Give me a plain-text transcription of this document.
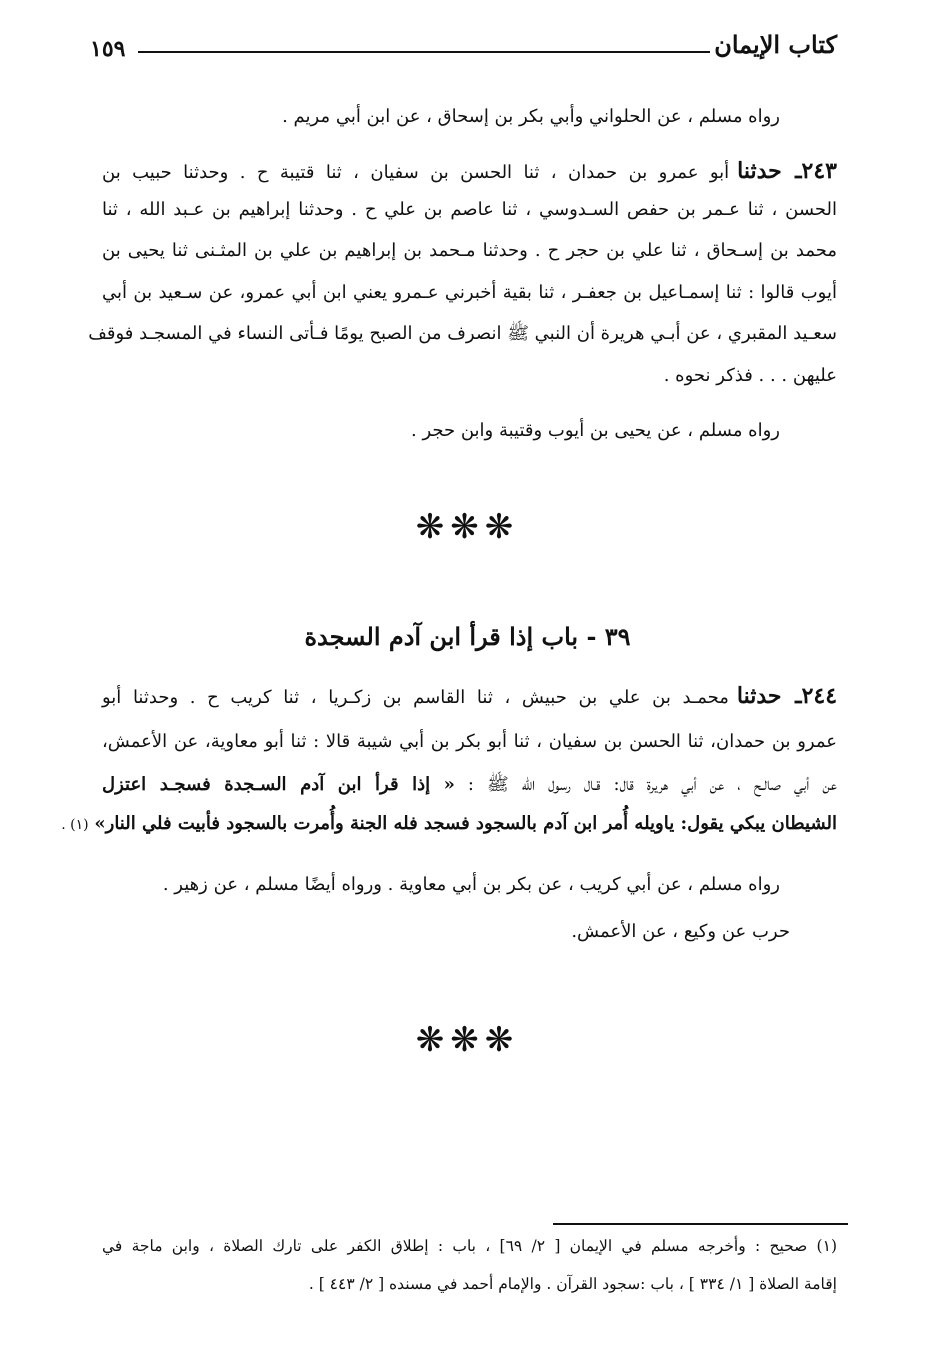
كتاب الإيمان
١٥٩
رواه مسلم ، عن الحلواني وأبي بكر بن إسحاق ، عن ابن أبي مريم .
٢٤٣ـ حدثناأبو عمرو بن حمدان ، ثنا الحسن بن سفيان ، ثنا قتيبة ح . وحدثنا حبيب بن
الحسن ، ثنا عـمر بن حفص السـدوسي ، ثنا عاصم بن علي ح . وحدثنا إبراهيم بن عـبد الله ، ثنا
محمد بن إسـحاق ، ثنا علي بن حجر ح . وحدثنا مـحمد بن إبراهيم بن علي بن المثـنى ثنا يحيى بن
أيوب قالوا : ثنا إسمـاعيل بن جعفـر ، ثنا بقية أخبرني عـمرو يعني ابن أبي عمرو، عن سـعيد بن أبي
سعـيد المقبري ، عن أبـي هريرة أن النبي ﷺ انصرف من الصبح يومًا فـأتى النساء في المسجـد فوقف
عليهن . . . فذكر نحوه .
رواه مسلم ، عن يحيى بن أيوب وقتيبة وابن حجر .
❋❋❋
٣٩ - باب إذا قرأ ابن آدم السجدة
٢٤٤ـ حدثنامحمـد بن علي بن حبيش ، ثنا القاسم بن زكـريا ، ثنا كريب ح . وحدثنا أبو
عمرو بن حمدان، ثنا الحسن بن سفيان ، ثنا أبو بكر بن أبي شيبة قالا : ثنا أبو معاوية، عن الأعمش،
عن أبي صالـح ، عن أبي هريرة قال: قـال رسول الله ﷺ : « إذا قرأ ابن آدم السـجدة فسجـد اعتزل
الشيطان يبكي يقول: ياويله أُمر ابن آدم بالسجود فسجد فله الجنة وأُمرت بالسجود فأبيت فلي النار» (١) .
رواه مسلم ، عن أبي كريب ، عن بكر بن أبي معاوية . ورواه أيضًا مسلم ، عن زهير .
حرب عن وكيع ، عن الأعمش.
❋❋❋
(١) صحيح : وأخرجه مسلم في الإيمان [ ٢/ ٦٩] ، باب : إطلاق الكفر على تارك الصلاة ، وابن ماجة في
إقامة الصلاة [ ١/ ٣٣٤ ] ، باب :سجود القرآن . والإمام أحمد في مسنده [ ٢/ ٤٤٣ ] .
